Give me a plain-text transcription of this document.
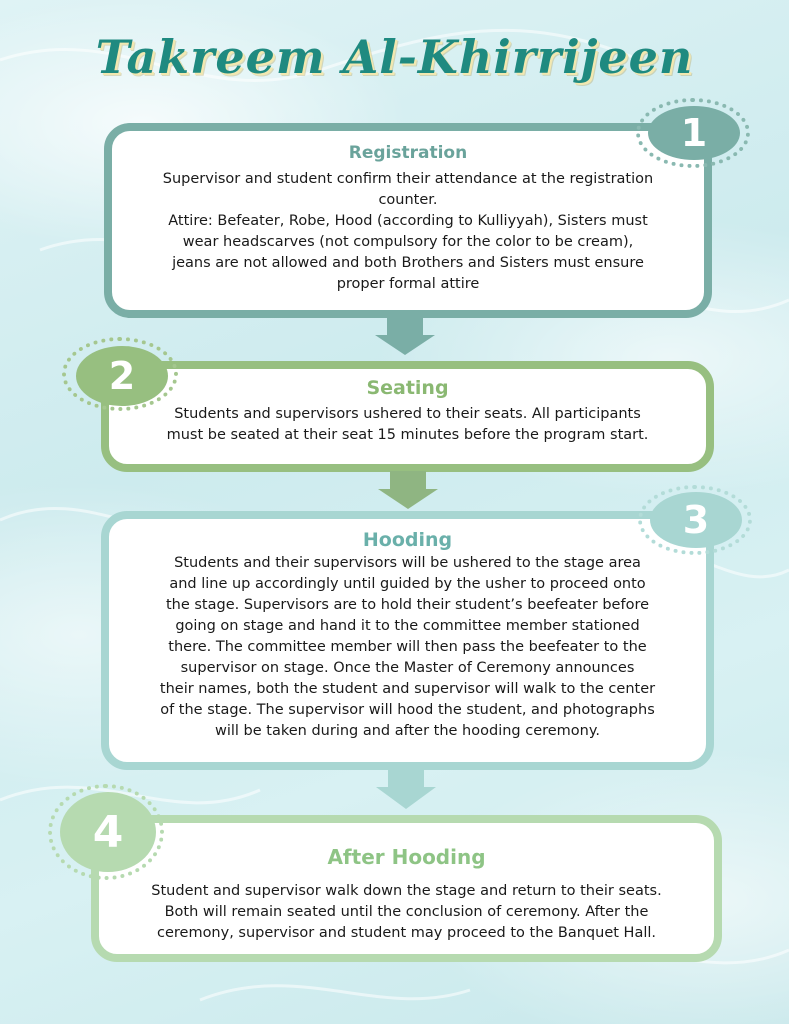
Takreem Al-Khirrijeen
Registration

Supervisor and student confirm their attendance at the registration

counter.

Attire: Befeater, Robe, Hood (according to Kulliyyah), Sisters must

wear headscarves (not compulsory for the color to be cream),

jeans are not allowed and both Brothers and Sisters must ensure

proper formal attire

1
Seating

Students and supervisors ushered to their seats. All participants

must be seated at their seat 15 minutes before the program start.

2
Hooding

Students and their supervisors will be ushered to the stage area

and line up accordingly until guided by the usher to proceed onto

the stage. Supervisors are to hold their student’s beefeater before

going on stage and hand it to the committee member stationed

there. The committee member will then pass the beefeater to the

supervisor on stage. Once the Master of Ceremony announces

their names, both the student and supervisor will walk to the center

of the stage. The supervisor will hood the student, and photographs

will be taken during and after the hooding ceremony.

3
After Hooding

Student and supervisor walk down the stage and return to their seats.

Both will remain seated until the conclusion of ceremony. After the

ceremony, supervisor and student may proceed to the Banquet Hall.

4
